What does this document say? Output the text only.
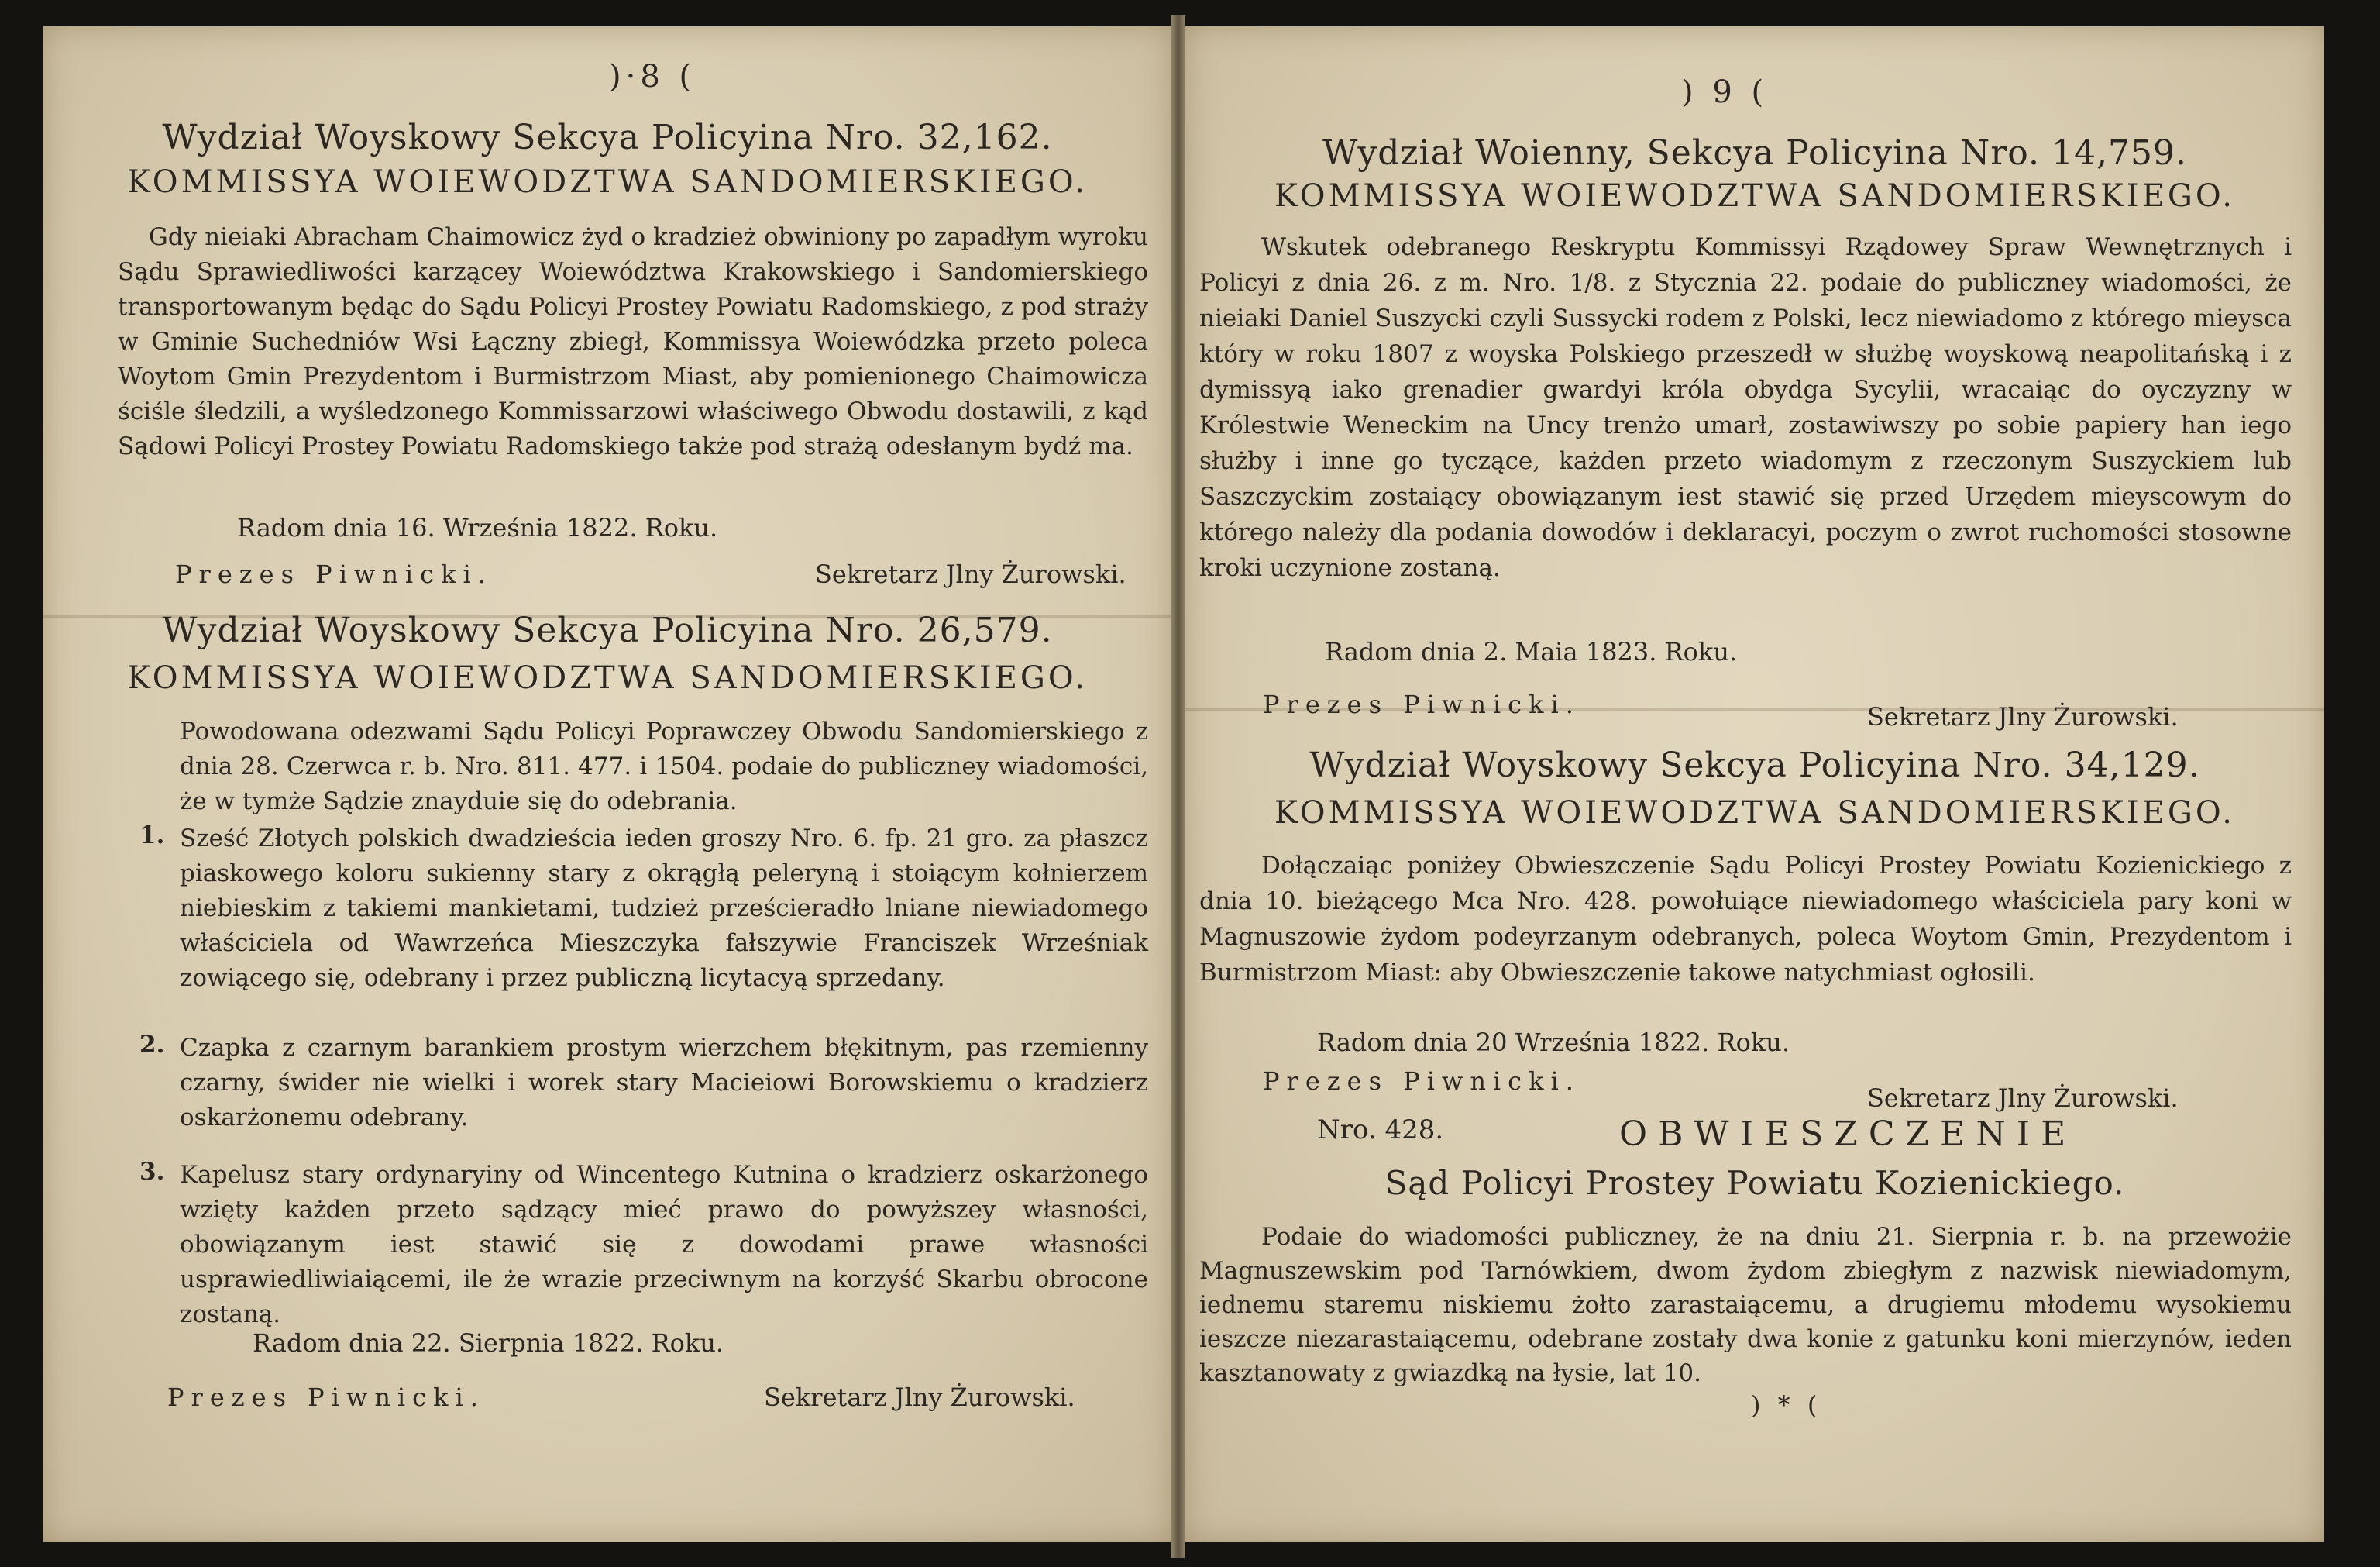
)·8 (
Wydział Woyskowy Sekcya Policyina Nro. 32,162.
KOMMISSYA WOIEWODZTWA SANDOMIERSKIEGO.
Gdy nieiaki Abracham Chaimowicz żyd o kradzież obwiniony po zapadłym wyroku Sądu Sprawiedliwości karzącey Woiewództwa Krakowskiego i Sandomierskiego transportowanym będąc do Sądu Policyi Prostey Powiatu Radomskiego, z pod straży w Gminie Suchedniów Wsi Łączny zbiegł, Kommissya Woiewódzka przeto poleca Woytom Gmin Prezydentom i Burmistrzom Miast, aby pomienionego Chaimowicza ściśle śledzili, a wyśledzonego Kommissarzowi właściwego Obwodu dostawili, z kąd Sądowi Policyi Prostey Powiatu Radomskiego także pod strażą odesłanym bydź ma.
Radom dnia 16. Września 1822. Roku.
Prezes Piwnicki.	Sekretarz Jlny Żurowski.
Wydział Woyskowy Sekcya Policyina Nro. 26,579.
KOMMISSYA WOIEWODZTWA SANDOMIERSKIEGO.
Powodowana odezwami Sądu Policyi Poprawczey Obwodu Sandomierskiego z dnia 28. Czerwca r. b. Nro. 811. 477. i 1504. podaie do publiczney wiadomości, że w tymże Sądzie znayduie się do odebrania.
1. Sześć Złotych polskich dwadzieścia ieden groszy Nro. 6. fp. 21 gro. za płaszcz piaskowego koloru sukienny stary z okrągłą peleryną i stoiącym kołnierzem niebieskim z takiemi mankietami, tudzież prześcieradło lniane niewiadomego właściciela od Wawrzeńca Mieszczyka fałszywie Franciszek Wrześniak zowiącego się, odebrany i przez publiczną licytacyą sprzedany.
2. Czapka z czarnym barankiem prostym wierzchem błękitnym, pas rzemienny czarny, świder nie wielki i worek stary Macieiowi Borowskiemu o kradzierz oskarżonemu odebrany.
3. Kapelusz stary ordynaryiny od Wincentego Kutnina o kradzierz oskarżonego wzięty każden przeto sądzący mieć prawo do powyższey własności, obowiązanym iest stawić się z dowodami prawe własności usprawiedliwiaiącemi, ile że wrazie przeciwnym na korzyść Skarbu obrocone zostaną.
Radom dnia 22. Sierpnia 1822. Roku.
Prezes Piwnicki.	Sekretarz Jlny Żurowski.
) 9 (
Wydział Woienny, Sekcya Policyina Nro. 14,759.
KOMMISSYA WOIEWODZTWA SANDOMIERSKIEGO.
Wskutek odebranego Reskryptu Kommissyi Rządowey Spraw Wewnętrznych i Policyi z dnia 26. z m. Nro. 1/8. z Stycznia 22. podaie do publiczney wiadomości, że nieiaki Daniel Suszycki czyli Sussycki rodem z Polski, lecz niewiadomo z którego mieysca który w roku 1807 z woyska Polskiego przeszedł w służbę woyskową neapolitańską i z dymissyą iako grenadier gwardyi króla obydga Sycylii, wracaiąc do oyczyzny w Królestwie Weneckim na Uncy trenżo umarł, zostawiwszy po sobie papiery han iego służby i inne go tyczące, każden przeto wiadomym z rzeczonym Suszyckiem lub Saszczyckim zostaiący obowiązanym iest stawić się przed Urzędem mieyscowym do którego należy dla podania dowodów i deklaracyi, poczym o zwrot ruchomości stosowne kroki uczynione zostaną.
Radom dnia 2. Maia 1823. Roku.
Prezes Piwnicki.	Sekretarz Jlny Żurowski.
Wydział Woyskowy Sekcya Policyina Nro. 34,129.
KOMMISSYA WOIEWODZTWA SANDOMIERSKIEGO.
Dołączaiąc poniżey Obwieszczenie Sądu Policyi Prostey Powiatu Kozienickiego z dnia 10. bieżącego Mca Nro. 428. powołuiące niewiadomego właściciela pary koni w Magnuszowie żydom podeyrzanym odebranych, poleca Woytom Gmin, Prezydentom i Burmistrzom Miast: aby Obwieszczenie takowe natychmiast ogłosili.
Radom dnia 20 Września 1822. Roku.
Prezes Piwnicki.
Sekretarz Jlny Żurowski.
Nro. 428.	OBWIESZCZENIE
Sąd Policyi Prostey Powiatu Kozienickiego.
Podaie do wiadomości publiczney, że na dniu 21. Sierpnia r. b. na przewożie Magnuszewskim pod Tarnówkiem, dwom żydom zbiegłym z nazwisk niewiadomym, iednemu staremu niskiemu żołto zarastaiącemu, a drugiemu młodemu wysokiemu ieszcze niezarastaiącemu, odebrane zostały dwa konie z gatunku koni mierzynów, ieden kasztanowaty z gwiazdką na łysie, lat 10.
) * (
